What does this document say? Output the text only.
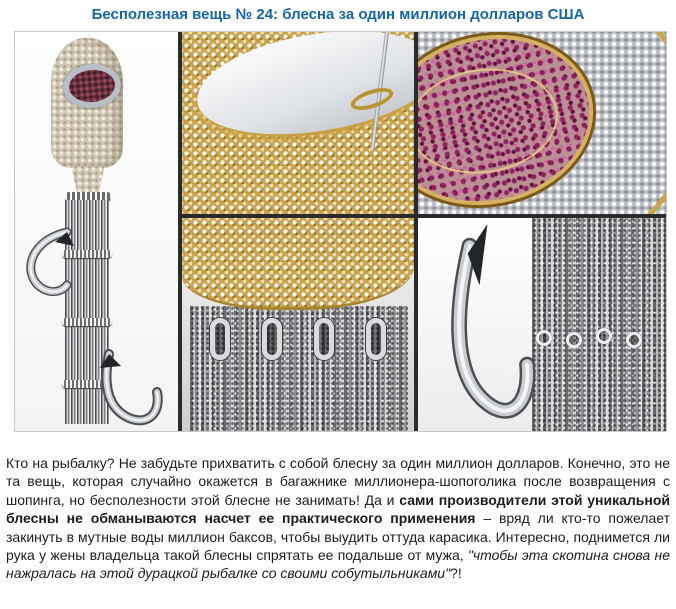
Бесполезная вещь № 24: блесна за один миллион долларов США

Кто на рыбалку? Не забудьте прихватить с собой блесну за один миллион долларов. Конечно, это не та вещь, которая случайно окажется в багажнике миллионера-шопоголика после возвращения с шопинга, но бесполезности этой блесне не занимать! Да и сами производители этой уникальной блесны не обманываются насчет ее практического применения – вряд ли кто-то пожелает закинуть в мутные воды миллион баксов, чтобы выудить оттуда карасика. Интересно, поднимется ли рука у жены владельца такой блесны спрятать ее подальше от мужа, "чтобы эта скотина снова не нажралась на этой дурацкой рыбалке со своими собутыльниками"?!
